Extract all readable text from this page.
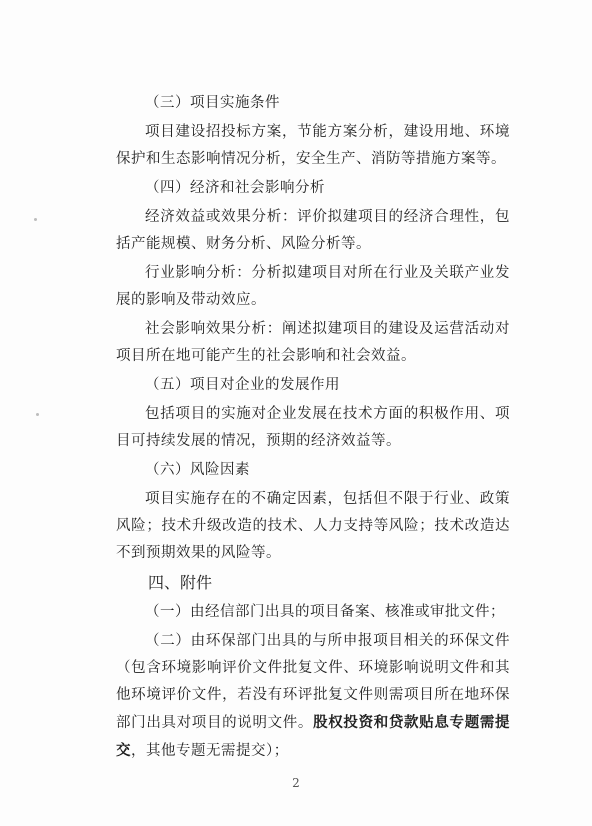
（三）项目实施条件

项目建设招投标方案，节能方案分析，建设用地、环境保护和生态影响情况分析，安全生产、消防等措施方案等。

（四）经济和社会影响分析

经济效益或效果分析：评价拟建项目的经济合理性，包括产能规模、财务分析、风险分析等。

行业影响分析：分析拟建项目对所在行业及关联产业发展的影响及带动效应。

社会影响效果分析：阐述拟建项目的建设及运营活动对项目所在地可能产生的社会影响和社会效益。

（五）项目对企业的发展作用

包括项目的实施对企业发展在技术方面的积极作用、项目可持续发展的情况，预期的经济效益等。

（六）风险因素

项目实施存在的不确定因素，包括但不限于行业、政策风险；技术升级改造的技术、人力支持等风险；技术改造达不到预期效果的风险等。

四、附件

（一）由经信部门出具的项目备案、核准或审批文件；

（二）由环保部门出具的与所申报项目相关的环保文件（包含环境影响评价文件批复文件、环境影响说明文件和其他环境评价文件，若没有环评批复文件则需项目所在地环保部门出具对项目的说明文件。股权投资和贷款贴息专题需提交，其他专题无需提交）；

2
